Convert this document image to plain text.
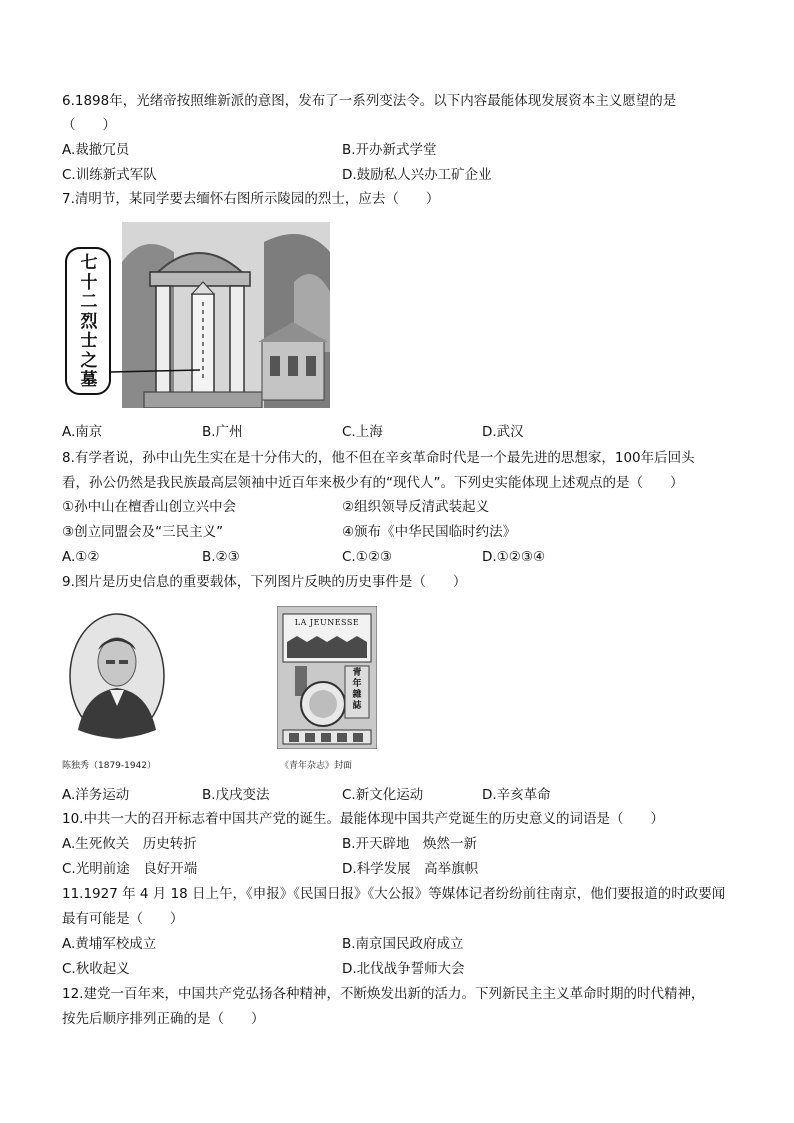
6.1898年，光绪帝按照维新派的意图，发布了一系列变法令。以下内容最能体现发展资本主义愿望的是
（　　）
A.裁撤冗员	B.开办新式学堂
C.训练新式军队	D.鼓励私人兴办工矿企业
7.清明节，某同学要去缅怀右图所示陵园的烈士，应去（　　）
七
十
二
烈
士
之
墓
A.南京	B.广州	C.上海	D.武汉
8.有学者说，孙中山先生实在是十分伟大的，他不但在辛亥革命时代是一个最先进的思想家，100年后回头
看，孙公仍然是我民族最高层领袖中近百年来极少有的“现代人”。下列史实能体现上述观点的是（　　）
①孙中山在檀香山创立兴中会	②组织领导反清武装起义
③创立同盟会及“三民主义”	④颁布《中华民国临时约法》
A.①②	B.②③	C.①②③	D.①②③④
9.图片是历史信息的重要载体，下列图片反映的历史事件是（　　）
陈独秀（1879-1942）
LA JEUNESSE
青年
雜誌
《青年杂志》封面
A.洋务运动	B.戊戌变法	C.新文化运动	D.辛亥革命
10.中共一大的召开标志着中国共产党的诞生。最能体现中国共产党诞生的历史意义的词语是（　　）
A.生死攸关　历史转折	B.开天辟地　焕然一新
C.光明前途　良好开端	D.科学发展　高举旗帜
11.1927 年 4 月 18 日上午，《申报》《民国日报》《大公报》等媒体记者纷纷前往南京，他们要报道的时政要闻
最有可能是（　　）
A.黄埔军校成立	B.南京国民政府成立
C.秋收起义	D.北伐战争誓师大会
12.建党一百年来，中国共产党弘扬各种精神，不断焕发出新的活力。下列新民主主义革命时期的时代精神，
按先后顺序排列正确的是（　　）
